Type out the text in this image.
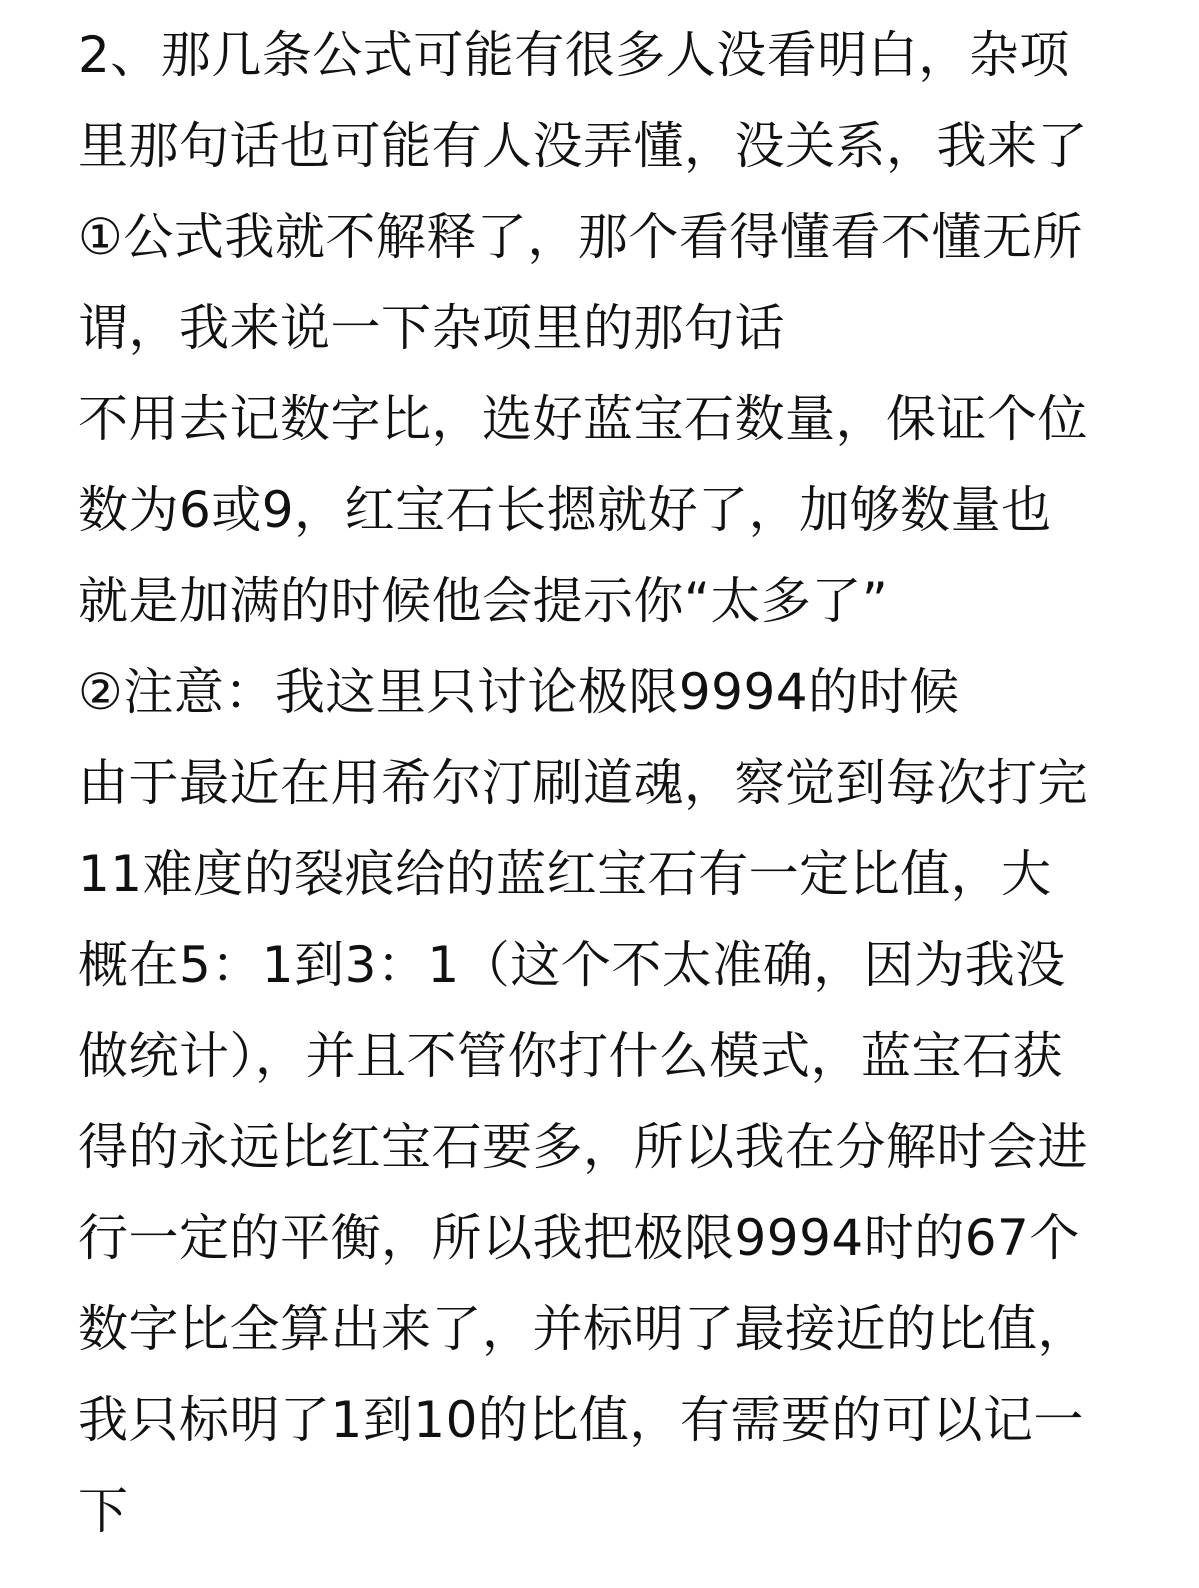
2、那几条公式可能有很多人没看明白，杂项
里那句话也可能有人没弄懂，没关系，我来了
①公式我就不解释了，那个看得懂看不懂无所
谓，我来说一下杂项里的那句话
不用去记数字比，选好蓝宝石数量，保证个位
数为6或9，红宝石长摁就好了，加够数量也
就是加满的时候他会提示你“太多了”
②注意：我这里只讨论极限9994的时候
由于最近在用希尔汀刷道魂，察觉到每次打完
11难度的裂痕给的蓝红宝石有一定比值，大
概在5：1到3：1（这个不太准确，因为我没
做统计），并且不管你打什么模式，蓝宝石获
得的永远比红宝石要多，所以我在分解时会进
行一定的平衡，所以我把极限9994时的67个
数字比全算出来了，并标明了最接近的比值，
我只标明了1到10的比值，有需要的可以记一
下
